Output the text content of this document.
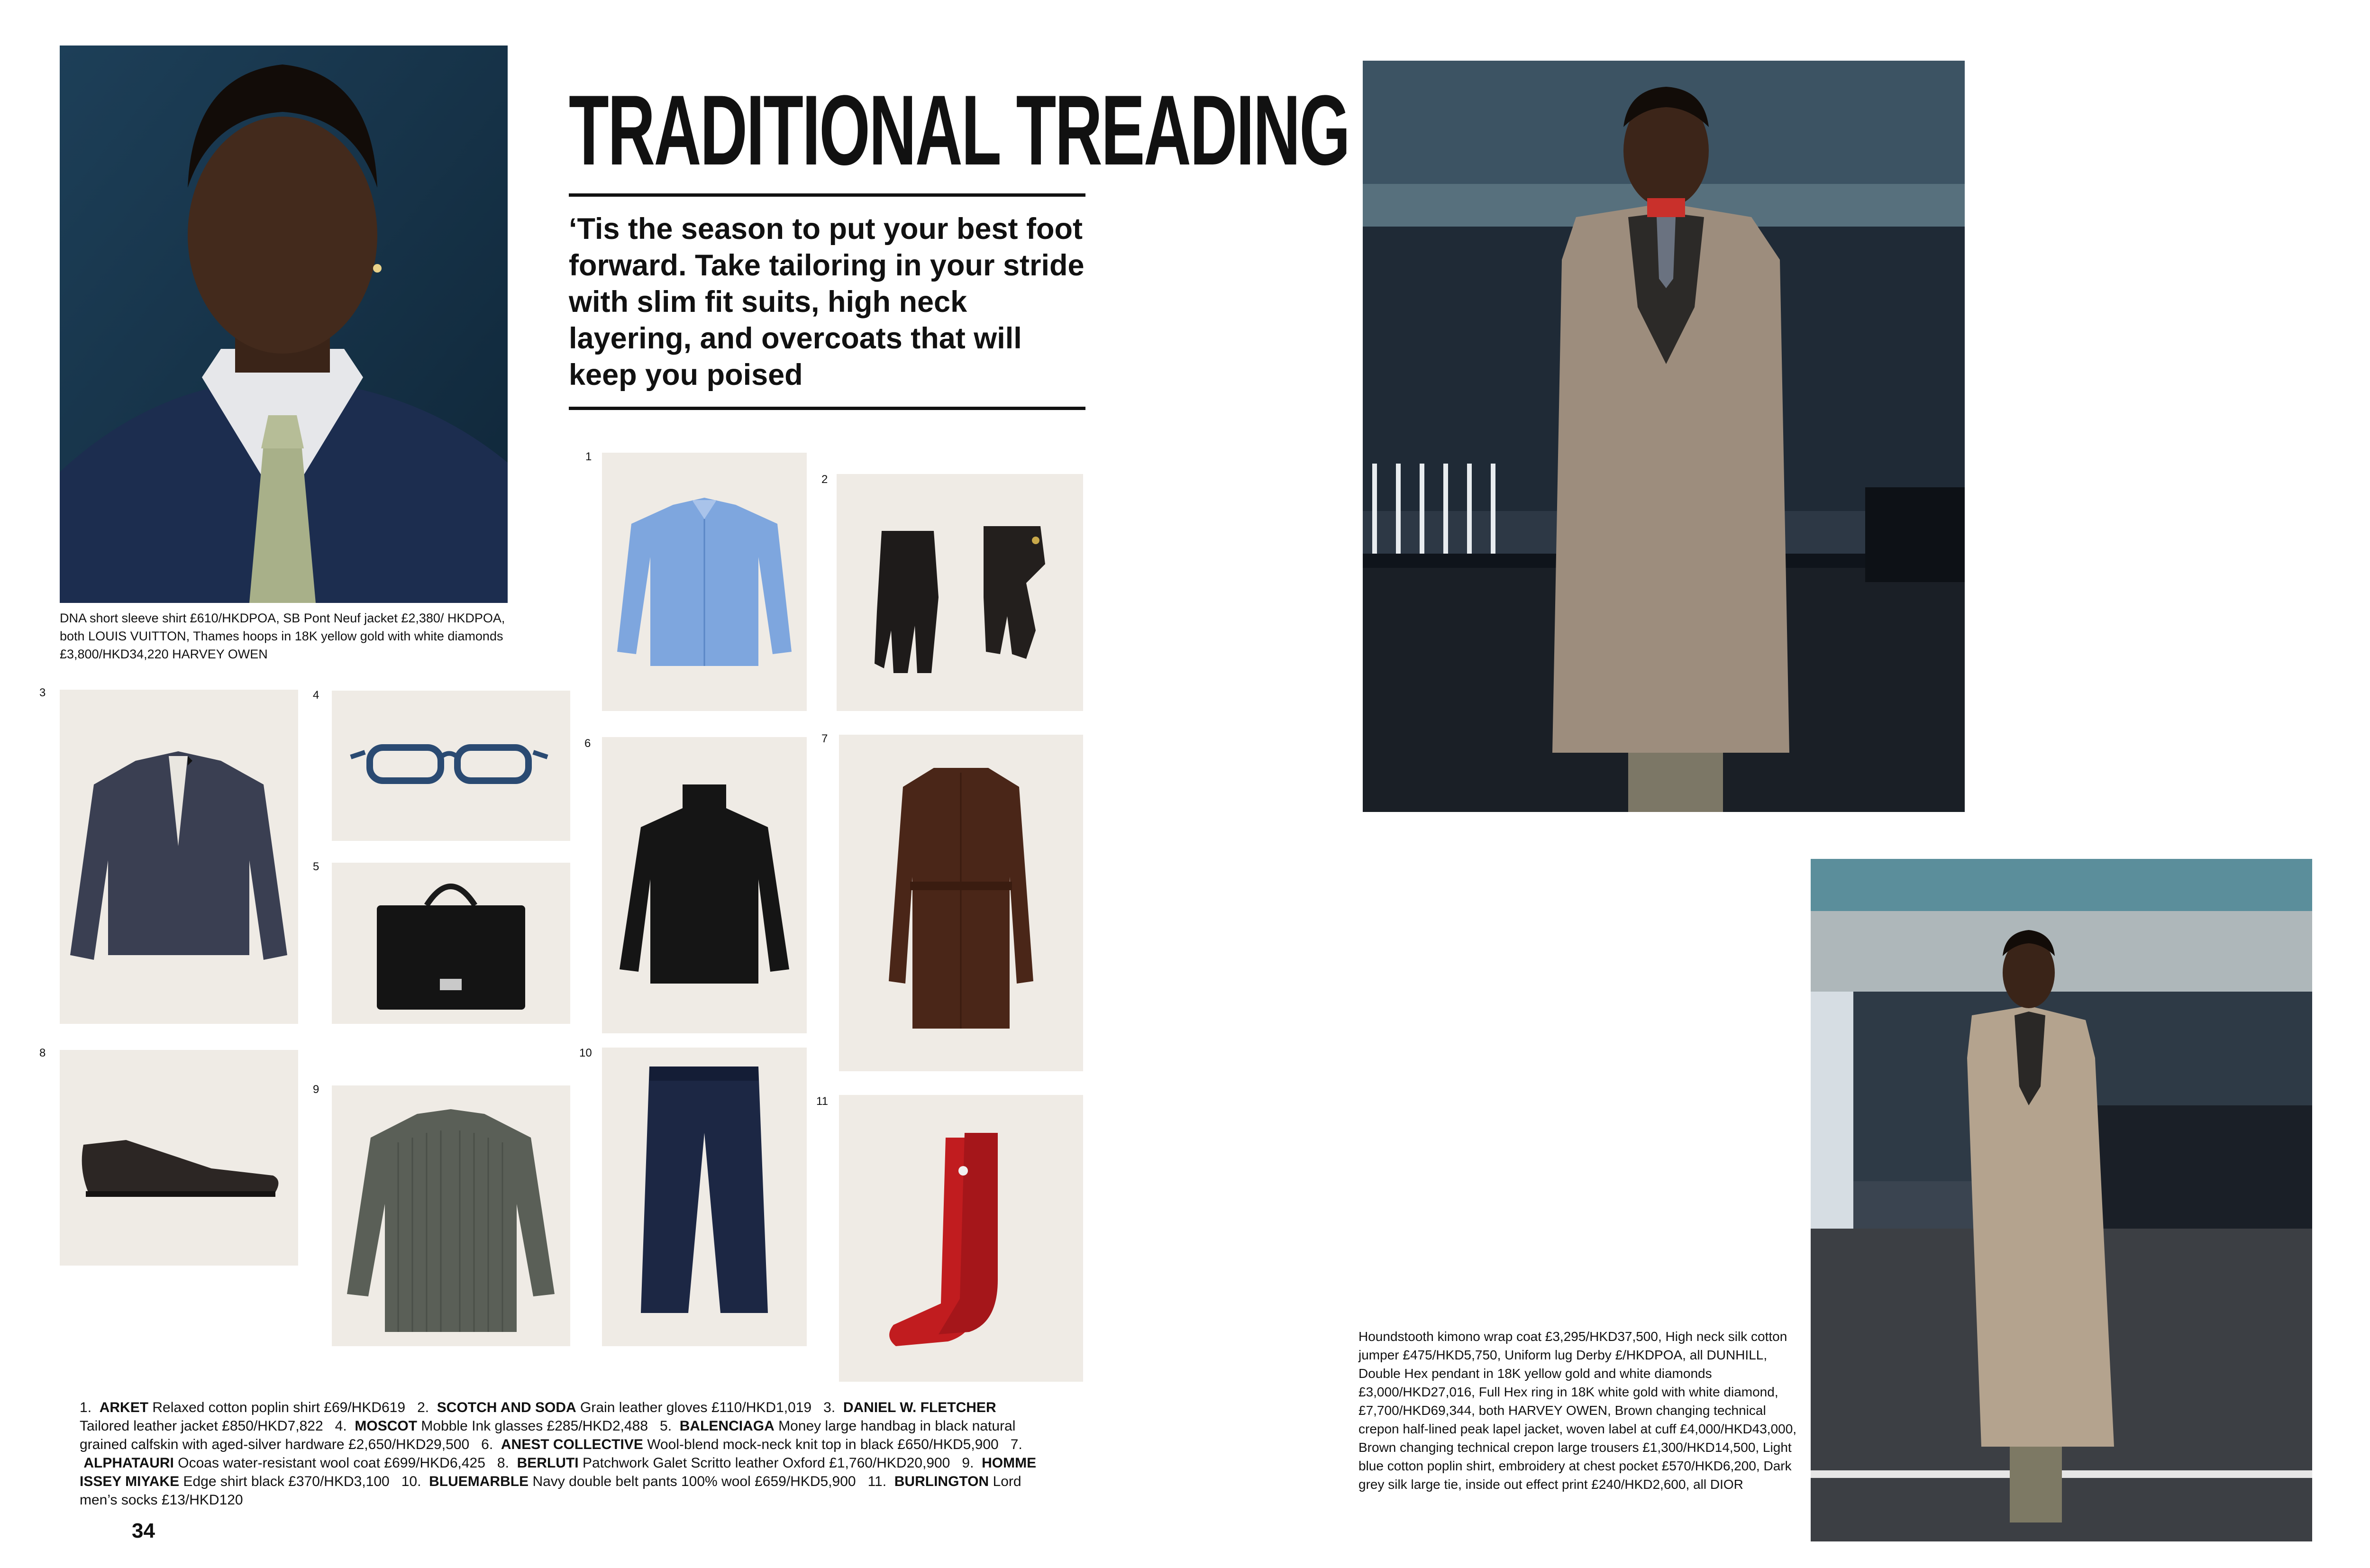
DNA short sleeve shirt £610/HKDPOA, SB Pont Neuf jacket £2,380/ HKDPOA, both LOUIS VUITTON, Thames hoops in 18K yellow gold with white diamonds £3,800/HKD34,220 HARVEY OWEN
TRADITIONAL TREADING
‘Tis the season to put your best foot forward. Take tailoring in your stride with slim fit suits, high neck layering, and overcoats that will keep you poised
1
2
3	4
5
6	7
8
9
10
11
1.  ARKET Relaxed cotton poplin shirt £69/HKD619 2.  SCOTCH AND SODA Grain leather gloves £110/HKD1,019 3.  DANIEL W. FLETCHER Tailored leather jacket £850/HKD7,822 4.  MOSCOT Mobble Ink glasses £285/HKD2,488 5.  BALENCIAGA Money large handbag in black natural grained calfskin with aged-silver hardware £2,650/HKD29,500 6.  ANEST COLLECTIVE Wool-blend mock-neck knit top in black £650/HKD5,900 7.  ALPHATAURI Ocoas water-resistant wool coat £699/HKD6,425 8.  BERLUTI Patchwork Galet Scritto leather Oxford £1,760/HKD20,900 9.  HOMME ISSEY MIYAKE Edge shirt black £370/HKD3,100 10.  BLUEMARBLE Navy double belt pants 100% wool £659/HKD5,900 11.  BURLINGTON Lord men’s socks £13/HKD120
34
Houndstooth kimono wrap coat £3,295/HKD37,500, High neck silk cotton jumper £475/HKD5,750, Uniform lug Derby £/HKDPOA, all DUNHILL, Double Hex pendant in 18K yellow gold and white diamonds £3,000/HKD27,016, Full Hex ring in 18K white gold with white diamond, £7,700/HKD69,344, both HARVEY OWEN, Brown changing technical crepon half-lined peak lapel jacket, woven label at cuff £4,000/HKD43,000, Brown changing technical crepon large trousers £1,300/HKD14,500, Light blue cotton poplin shirt, embroidery at chest pocket £570/HKD6,200, Dark grey silk large tie, inside out effect print £240/HKD2,600, all DIOR
